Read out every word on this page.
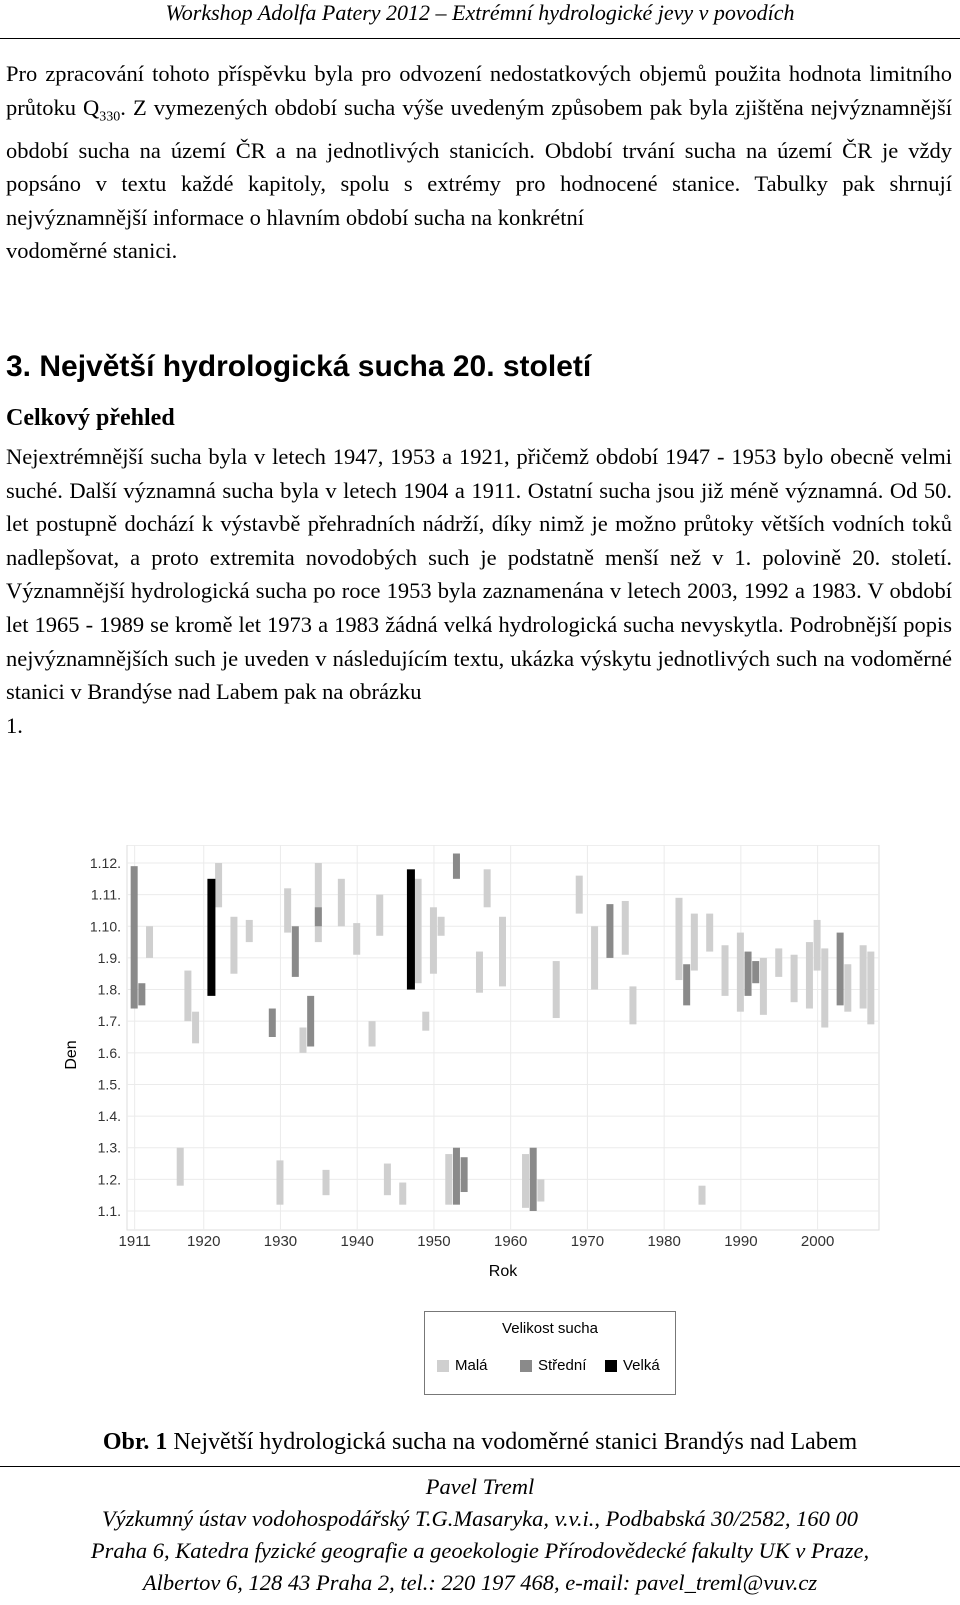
Workshop Adolfa Patery 2012 – Extrémní hydrologické jevy v povodích
Pro zpracování tohoto příspěvku byla pro odvození nedostatkových objemů použita hodnota limitního průtoku $Q_{330}$. Z vymezených období sucha výše uvedeným způsobem pak byla zjištěna nejvýznamnější období sucha na území ČR a na jednotlivých stanicích. Období trvání sucha na území ČR je vždy popsáno v textu každé kapitoly, spolu s extrémy pro hodnocené stanice. Tabulky pak shrnují nejvýznamnější informace o hlavním období sucha na konkrétní
vodoměrné stanici.
3. Největší hydrologická sucha 20. století
Celkový přehled
Nejextrémnější sucha byla v letech 1947, 1953 a 1921, přičemž období 1947 - 1953 bylo obecně velmi suché. Další významná sucha byla v letech 1904 a 1911. Ostatní sucha jsou již méně významná. Od 50. let postupně dochází k výstavbě přehradních nádrží, díky nimž je možno průtoky větších vodních toků nadlepšovat, a proto extremita novodobých such je podstatně menší než v 1. polovině 20. století. Významnější hydrologická sucha po roce 1953 byla zaznamenána v letech 2003, 1992 a 1983. V období let 1965 - 1989 se kromě let 1973 a 1983 žádná velká hydrologická sucha nevyskytla. Podrobnější popis nejvýznamnějších such je uveden v následujícím textu, ukázka výskytu jednotlivých such na vodoměrné stanici v Brandýse nad Labem pak na obrázku
1.
1.12.
1.11.
1.10.
1.9.
1.8.
1.7.
1.6.
1.5.
1.4.
1.3.
1.2.
1.1.
1911 1920	1930	1940	1950	1960	1970	1980	1990	2000
Den
Rok
Velikost sucha
Malá	Střední Velká
Obr. 1 Největší hydrologická sucha na vodoměrné stanici Brandýs nad Labem
Pavel Treml
Výzkumný ústav vodohospodářský T.G.Masaryka, v.v.i., Podbabská 30/2582, 160 00
Praha 6, Katedra fyzické geografie a geoekologie Přírodovědecké fakulty UK v Praze,
Albertov 6, 128 43 Praha 2, tel.: 220 197 468, e-mail: pavel_treml@vuv.cz
